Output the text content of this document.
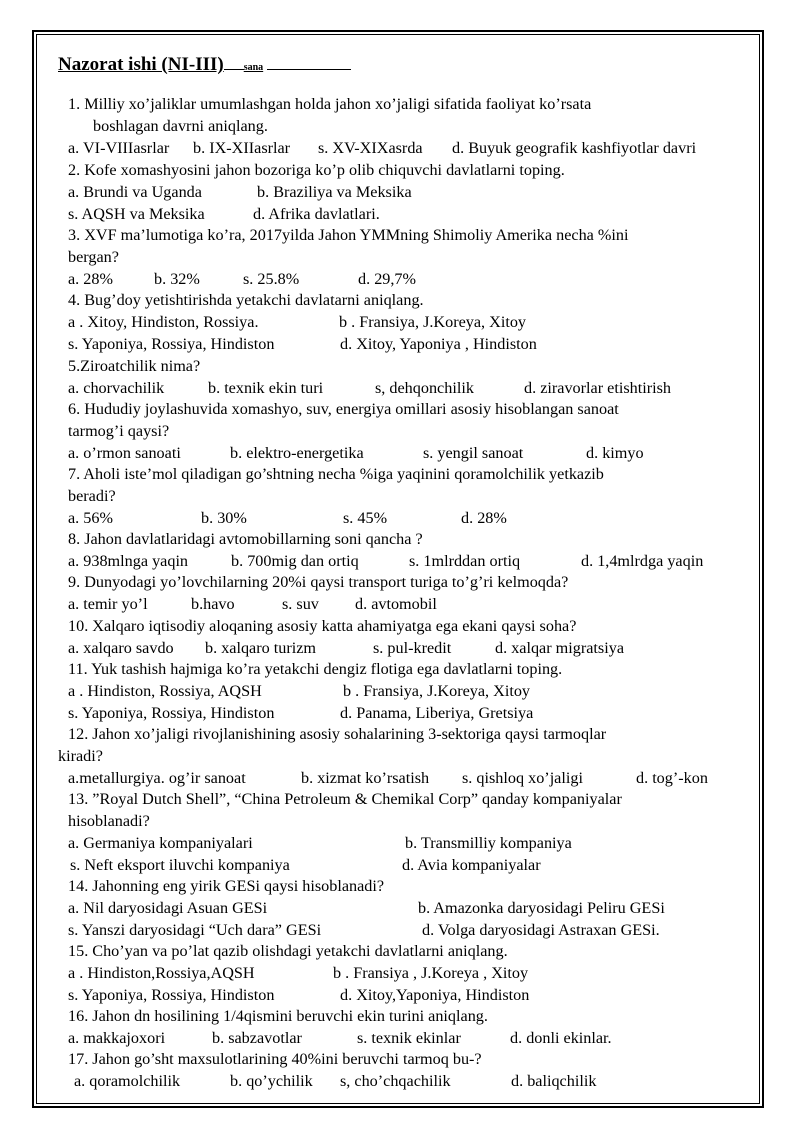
Nazorat ishi (NI-III) sana
1. Milliy xo’jaliklar umumlashgan holda jahon xo’jaligi sifatida faoliyat ko’rsata
boshlagan davrni aniqlang.
a. VI-VIIIasrlar b. IX-XIIasrlar s. XV-XIXasrda d. Buyuk geografik kashfiyotlar davri
2. Kofe xomashyosini jahon bozoriga ko’p olib chiquvchi davlatlarni toping.
a. Brundi va Uganda	b. Braziliya va Meksika
s. AQSH va Meksika	d. Afrika davlatlari.
3. XVF ma’lumotiga ko’ra, 2017yilda Jahon YMMning Shimoliy Amerika necha %ini
bergan?
a. 28%	b. 32%	s. 25.8%	d. 29,7%
4. Bug’doy yetishtirishda yetakchi davlatarni aniqlang.
a . Xitoy, Hindiston, Rossiya.	b . Fransiya, J.Koreya, Xitoy
s. Yaponiya, Rossiya, Hindiston	d. Xitoy, Yaponiya , Hindiston
5.Ziroatchilik nima?
a. chorvachilik	b. texnik ekin turi	s, dehqonchilik	d. ziravorlar etishtirish
6. Hududiy joylashuvida xomashyo, suv, energiya omillari asosiy hisoblangan sanoat
tarmog’i qaysi?
a. o’rmon sanoati	b. elektro-energetika	s. yengil sanoat	d. kimyo
7. Aholi iste’mol qiladigan go’shtning necha %iga yaqinini qoramolchilik yetkazib
beradi?
a. 56%	b. 30%	s. 45%	d. 28%
8. Jahon davlatlaridagi avtomobillarning soni qancha ?
a. 938mlnga yaqin	b. 700mig dan ortiq	s. 1mlrddan ortiq	d. 1,4mlrdga yaqin
9. Dunyodagi yo’lovchilarning 20%i qaysi transport turiga to’g’ri kelmoqda?
a. temir yo’l	b.havo	s. suv d. avtomobil
10. Xalqaro iqtisodiy aloqaning asosiy katta ahamiyatga ega ekani qaysi soha?
a. xalqaro savdo b. xalqaro turizm	s. pul-kredit	d. xalqar migratsiya
11. Yuk tashish hajmiga ko’ra yetakchi dengiz flotiga ega davlatlarni toping.
a . Hindiston, Rossiya, AQSH	b . Fransiya, J.Koreya, Xitoy
s. Yaponiya, Rossiya, Hindiston	d. Panama, Liberiya, Gretsiya
12. Jahon xo’jaligi rivojlanishining asosiy sohalarining 3-sektoriga qaysi tarmoqlar
kiradi?
a.metallurgiya. og’ir sanoat	b. xizmat ko’rsatish s. qishloq xo’jaligi	d. tog’-kon
13. ”Royal Dutch Shell”, “China Petroleum & Chemikal Corp” qanday kompaniyalar
hisoblanadi?
a. Germaniya kompaniyalari	b. Transmilliy kompaniya
s. Neft eksport iluvchi kompaniya	d. Avia kompaniyalar
14. Jahonning eng yirik GESi qaysi hisoblanadi?
a. Nil daryosidagi Asuan GESi	b. Amazonka daryosidagi Peliru GESi
s. Yanszi daryosidagi “Uch dara” GESi	d. Volga daryosidagi Astraxan GESi.
15. Cho’yan va po’lat qazib olishdagi yetakchi davlatlarni aniqlang.
a . Hindiston,Rossiya,AQSH	b . Fransiya , J.Koreya , Xitoy
s. Yaponiya, Rossiya, Hindiston	d. Xitoy,Yaponiya, Hindiston
16. Jahon dn hosilining 1/4qismini beruvchi ekin turini aniqlang.
a. makkajoxori	b. sabzavotlar	s. texnik ekinlar	d. donli ekinlar.
17. Jahon go’sht maxsulotlarining 40%ini beruvchi tarmoq bu-?
a. qoramolchilik	b. qo’ychilik s, cho’chqachilik	d. baliqchilik
